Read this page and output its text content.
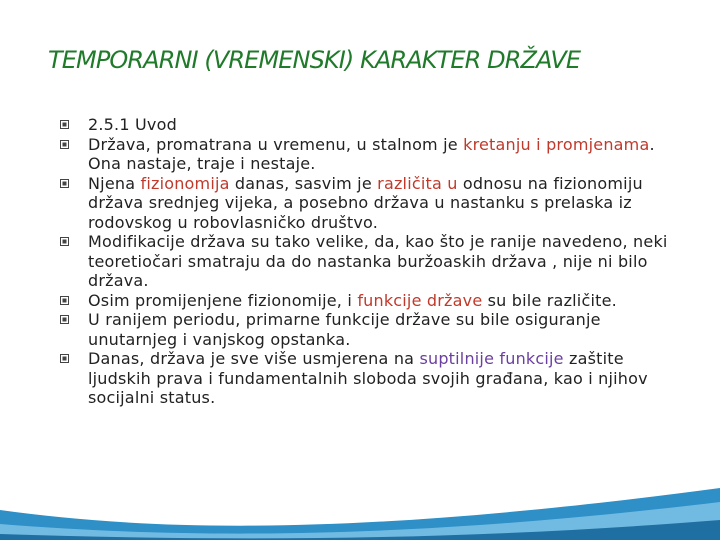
TEMPORARNI (VREMENSKI) KARAKTER DRŽAVE
2.5.1 Uvod
Država, promatrana u vremenu, u stalnom je kretanju i promjenama. Ona nastaje, traje i nestaje.
Njena fizionomija danas, sasvim je različita u odnosu na fizionomiju država srednjeg vijeka, a posebno država u nastanku s prelaska iz rodovskog u robovlasničko društvo.
Modifikacije država su tako velike, da, kao što je ranije navedeno, neki teoretiočari smatraju da do nastanka buržoaskih država , nije ni bilo država.
Osim promijenjene fizionomije, i funkcije države su bile različite.
U ranijem periodu, primarne funkcije države su bile osiguranje unutarnjeg i vanjskog opstanka.
Danas, država je sve više usmjerena na suptilnije funkcije zaštite ljudskih prava i fundamentalnih sloboda svojih građana, kao i njihov socijalni status.
